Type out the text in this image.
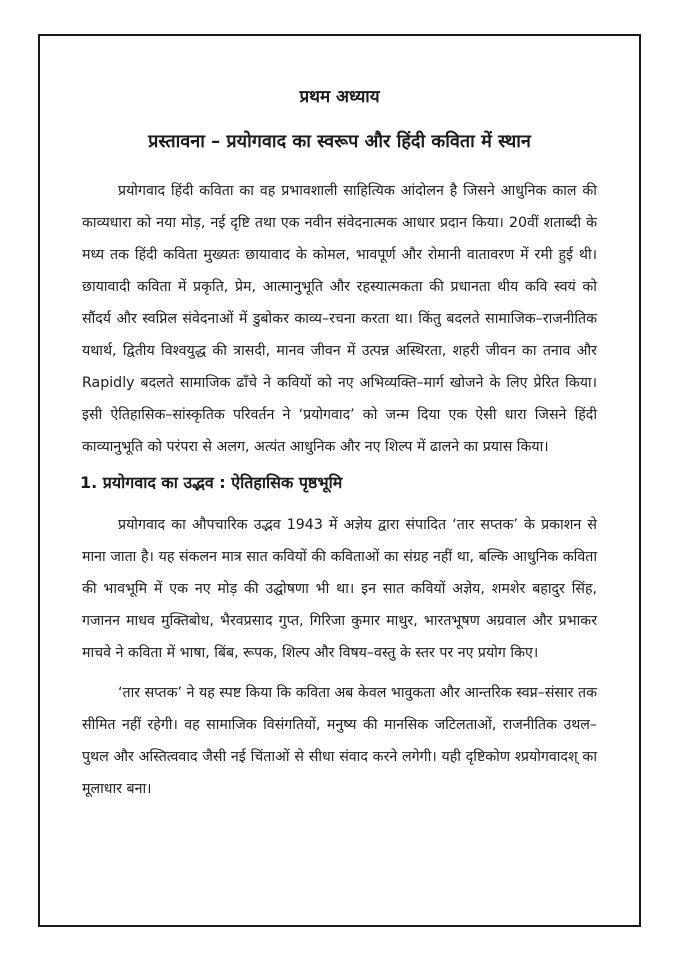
प्रथम अध्याय
प्रस्तावना – प्रयोगवाद का स्वरूप और हिंदी कविता में स्थान

प्रयोगवाद हिंदी कविता का वह प्रभावशाली साहित्यिक आंदोलन है जिसने आधुनिक काल की काव्यधारा को नया मोड़, नई दृष्टि तथा एक नवीन संवेदनात्मक आधार प्रदान किया। 20वीं शताब्दी के मध्य तक हिंदी कविता मुख्यतः छायावाद के कोमल, भावपूर्ण और रोमानी वातावरण में रमी हुई थी। छायावादी कविता में प्रकृति, प्रेम, आत्मानुभूति और रहस्यात्मकता की प्रधानता थीय कवि स्वयं को सौंदर्य और स्वप्निल संवेदनाओं में डुबोकर काव्य–रचना करता था। किंतु बदलते सामाजिक–राजनीतिक यथार्थ, द्वितीय विश्वयुद्ध की त्रासदी, मानव जीवन में उत्पन्न अस्थिरता, शहरी जीवन का तनाव और Rapidly बदलते सामाजिक ढाँचे ने कवियों को नए अभिव्यक्ति–मार्ग खोजने के लिए प्रेरित किया। इसी ऐतिहासिक–सांस्कृतिक परिवर्तन ने ‘प्रयोगवाद’ को जन्म दिया एक ऐसी धारा जिसने हिंदी काव्यानुभूति को परंपरा से अलग, अत्यंत आधुनिक और नए शिल्प में ढालने का प्रयास किया।

1. प्रयोगवाद का उद्भव : ऐतिहासिक पृष्ठभूमि

प्रयोगवाद का औपचारिक उद्भव 1943 में अज्ञेय द्वारा संपादित ‘तार सप्तक’ के प्रकाशन से माना जाता है। यह संकलन मात्र सात कवियों की कविताओं का संग्रह नहीं था, बल्कि आधुनिक कविता की भावभूमि में एक नए मोड़ की उद्घोषणा भी था। इन सात कवियों अज्ञेय, शमशेर बहादुर सिंह, गजानन माधव मुक्तिबोध, भैरवप्रसाद गुप्त, गिरिजा कुमार माथुर, भारतभूषण अग्रवाल और प्रभाकर माचवे ने कविता में भाषा, बिंब, रूपक, शिल्प और विषय–वस्तु के स्तर पर नए प्रयोग किए।

‘तार सप्तक’ ने यह स्पष्ट किया कि कविता अब केवल भावुकता और आन्तरिक स्वप्न–संसार तक सीमित नहीं रहेगी। वह सामाजिक विसंगतियों, मनुष्य की मानसिक जटिलताओं, राजनीतिक उथल–पुथल और अस्तित्ववाद जैसी नई चिंताओं से सीधा संवाद करने लगेगी। यही दृष्टिकोण श्प्रयोगवादश् का मूलाधार बना।
